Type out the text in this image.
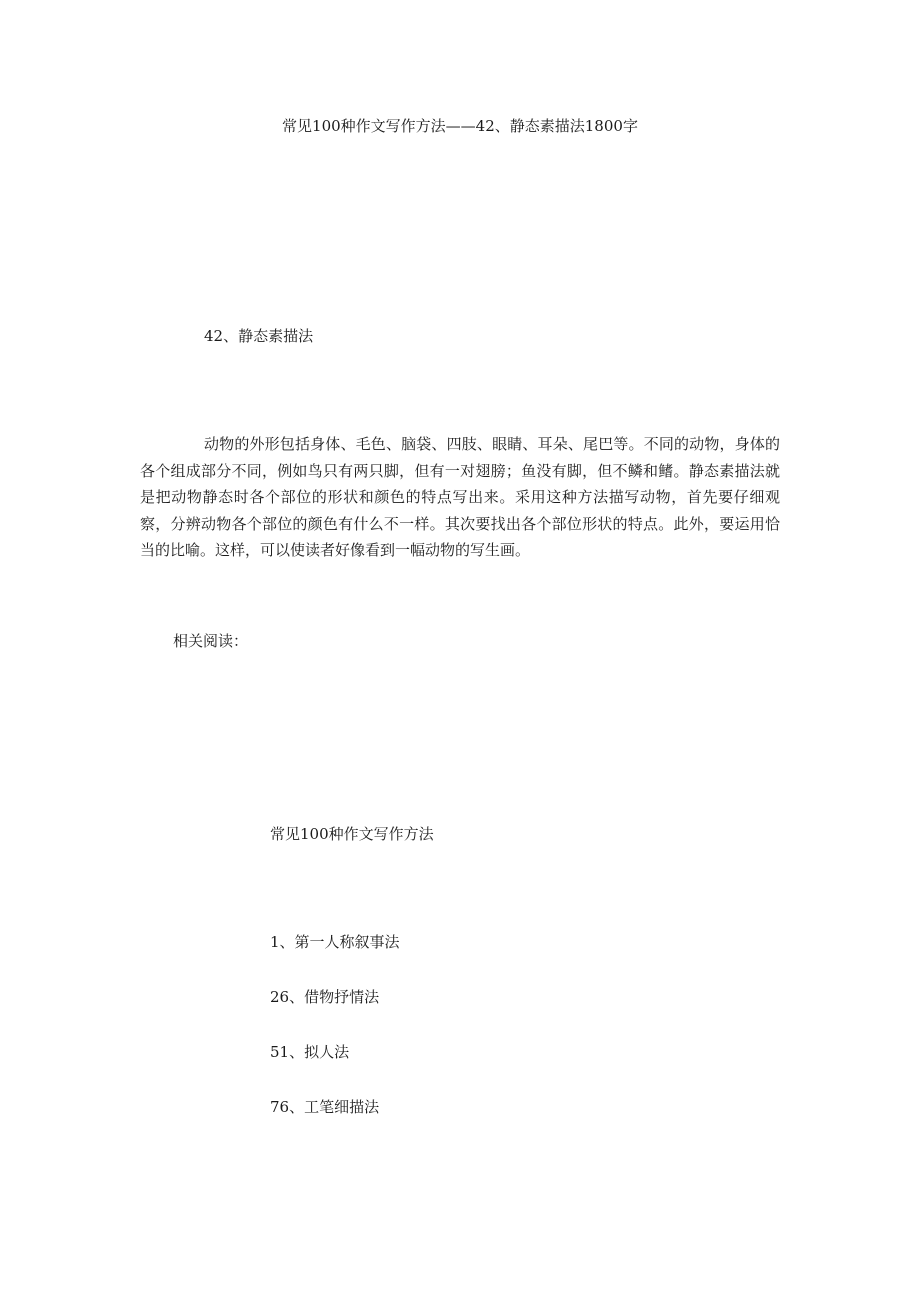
常见100种作文写作方法——42、静态素描法1800字
42、静态素描法

动物的外形包括身体、毛色、脑袋、四肢、眼睛、耳朵、尾巴等。不同的动物，身体的各个组成部分不同，例如鸟只有两只脚，但有一对翅膀；鱼没有脚，但不鳞和鳍。静态素描法就是把动物静态时各个部位的形状和颜色的特点写出来。采用这种方法描写动物，首先要仔细观察，分辨动物各个部位的颜色有什么不一样。其次要找出各个部位形状的特点。此外，要运用恰当的比喻。这样，可以使读者好像看到一幅动物的写生画。

相关阅读：
常见100种作文写作方法
1、第一人称叙事法
26、借物抒情法
51、拟人法
76、工笔细描法
